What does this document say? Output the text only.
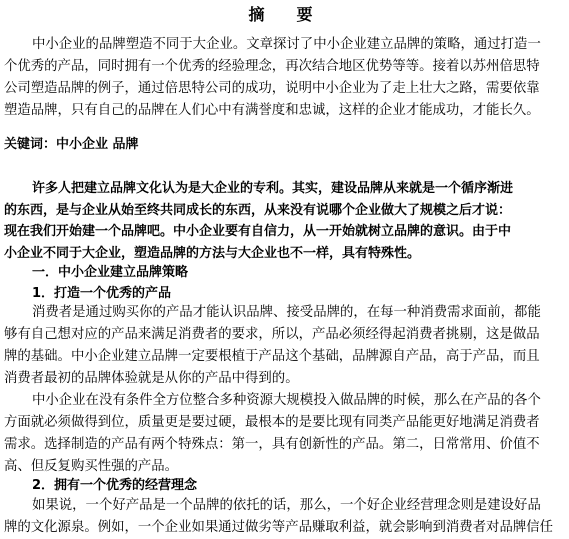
摘　要
中小企业的品牌塑造不同于大企业。文章探讨了中小企业建立品牌的策略，通过打造一
个优秀的产品，同时拥有一个优秀的经验理念，再次结合地区优势等等。接着以苏州倍思特
公司塑造品牌的例子，通过倍思特公司的成功，说明中小企业为了走上壮大之路，需要依靠
塑造品牌，只有自己的品牌在人们心中有满誉度和忠诚，这样的企业才能成功，才能长久。
关键词：中小企业 品牌
许多人把建立品牌文化认为是大企业的专利。其实，建设品牌从来就是一个循序渐进
的东西，是与企业从始至终共同成长的东西，从来没有说哪个企业做大了规模之后才说：
现在我们开始建一个品牌吧。中小企业要有自信力，从一开始就树立品牌的意识。由于中
小企业不同于大企业，塑造品牌的方法与大企业也不一样，具有特殊性。
一．中小企业建立品牌策略
1．打造一个优秀的产品
消费者是通过购买你的产品才能认识品牌、接受品牌的，在每一种消费需求面前，都能
够有自己想对应的产品来满足消费者的要求，所以，产品必须经得起消费者挑剔，这是做品
牌的基础。中小企业建立品牌一定要根植于产品这个基础，品牌源自产品，高于产品，而且
消费者最初的品牌体验就是从你的产品中得到的。
中小企业在没有条件全方位整合多种资源大规模投入做品牌的时候，那么在产品的各个
方面就必须做得到位，质量更是要过硬，最根本的是要比现有同类产品能更好地满足消费者
需求。选择制造的产品有两个特殊点：第一，具有创新性的产品。第二，日常常用、价值不
高、但反复购买性强的产品。
2．拥有一个优秀的经营理念
如果说，一个好产品是一个品牌的依托的话，那么，一个好企业经营理念则是建设好品
牌的文化源泉。例如，一个企业如果通过做劣等产品赚取利益，就会影响到消费者对品牌信任
